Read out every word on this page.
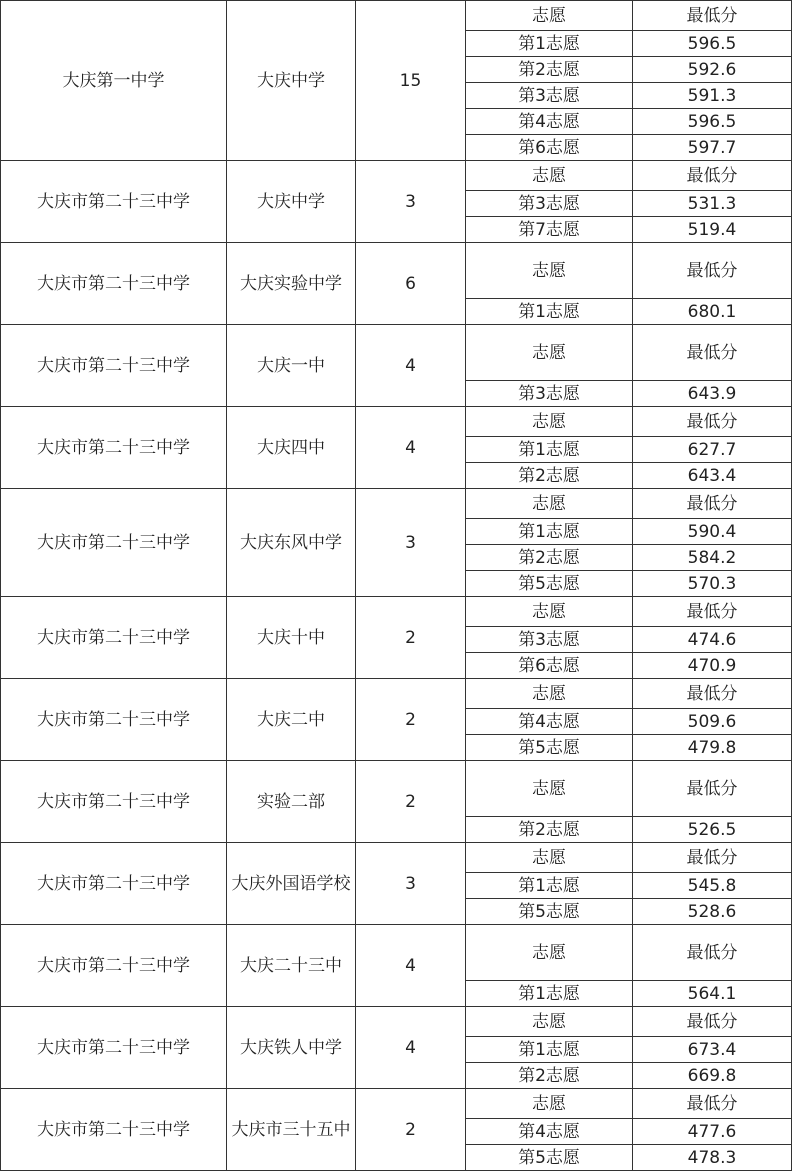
大庆第一中学	大庆中学	15	志愿	最低分
			第1志愿	596.5
			第2志愿	592.6
			第3志愿	591.3
			第4志愿	596.5
			第6志愿	597.7
大庆市第二十三中学	大庆中学	3	志愿	最低分
			第3志愿	531.3
			第7志愿	519.4
大庆市第二十三中学	大庆实验中学	6	志愿	最低分
			第1志愿	680.1
大庆市第二十三中学	大庆一中	4	志愿	最低分
			第3志愿	643.9
大庆市第二十三中学	大庆四中	4	志愿	最低分
			第1志愿	627.7
			第2志愿	643.4
大庆市第二十三中学	大庆东风中学	3	志愿	最低分
			第1志愿	590.4
			第2志愿	584.2
			第5志愿	570.3
大庆市第二十三中学	大庆十中	2	志愿	最低分
			第3志愿	474.6
			第6志愿	470.9
大庆市第二十三中学	大庆二中	2	志愿	最低分
			第4志愿	509.6
			第5志愿	479.8
大庆市第二十三中学	实验二部	2	志愿	最低分
			第2志愿	526.5
大庆市第二十三中学	大庆外国语学校	3	志愿	最低分
			第1志愿	545.8
			第5志愿	528.6
大庆市第二十三中学	大庆二十三中	4	志愿	最低分
			第1志愿	564.1
大庆市第二十三中学	大庆铁人中学	4	志愿	最低分
			第1志愿	673.4
			第2志愿	669.8
大庆市第二十三中学	大庆市三十五中	2	志愿	最低分
			第4志愿	477.6
			第5志愿	478.3
